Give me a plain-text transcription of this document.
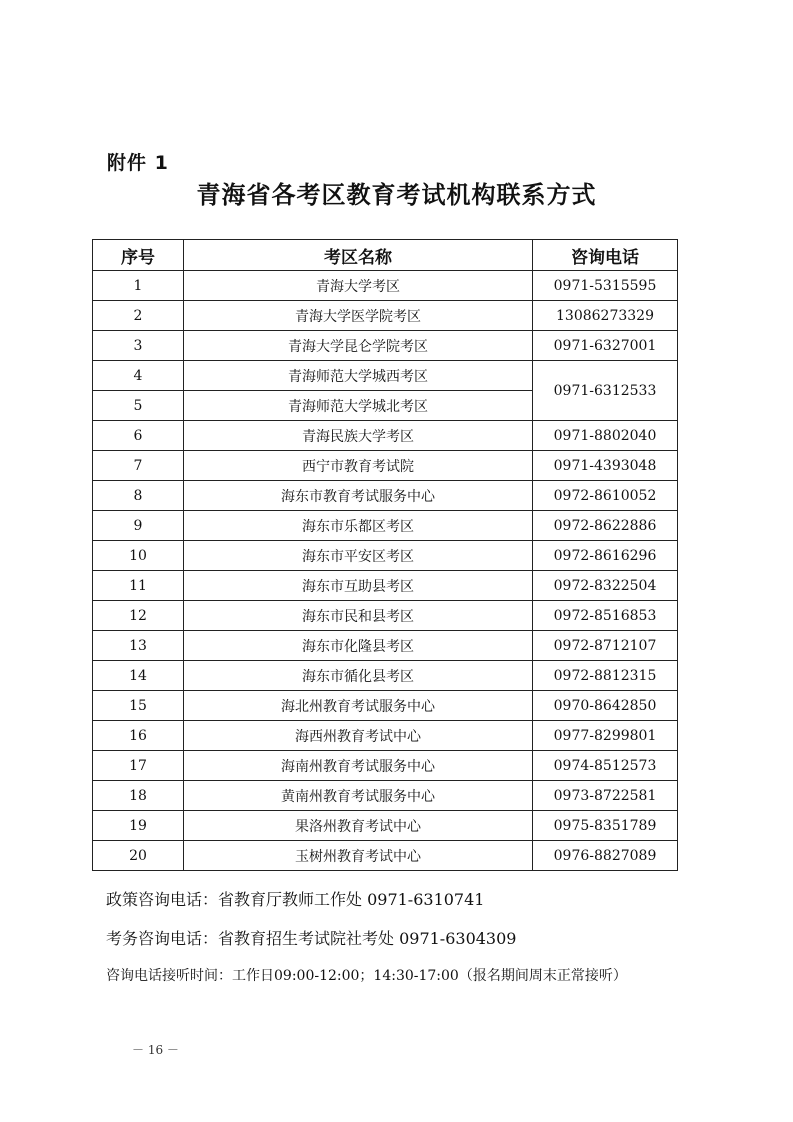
附件 1
青海省各考区教育考试机构联系方式
序号	考区名称	咨询电话
1	青海大学考区	0971-5315595
2	青海大学医学院考区	13086273329
3	青海大学昆仑学院考区	0971-6327001
4	青海师范大学城西考区	0971-6312533
5	青海师范大学城北考区	
6	青海民族大学考区	0971-8802040
7	西宁市教育考试院	0971-4393048
8	海东市教育考试服务中心	0972-8610052
9	海东市乐都区考区	0972-8622886
10	海东市平安区考区	0972-8616296
11	海东市互助县考区	0972-8322504
12	海东市民和县考区	0972-8516853
13	海东市化隆县考区	0972-8712107
14	海东市循化县考区	0972-8812315
15	海北州教育考试服务中心	0970-8642850
16	海西州教育考试中心	0977-8299801
17	海南州教育考试服务中心	0974-8512573
18	黄南州教育考试服务中心	0973-8722581
19	果洛州教育考试中心	0975-8351789
20	玉树州教育考试中心	0976-8827089
政策咨询电话：省教育厅教师工作处 0971-6310741
考务咨询电话：省教育招生考试院社考处 0971-6304309
咨询电话接听时间：工作日09:00-12:00；14:30-17:00（报名期间周末正常接听）
－ 16 －
